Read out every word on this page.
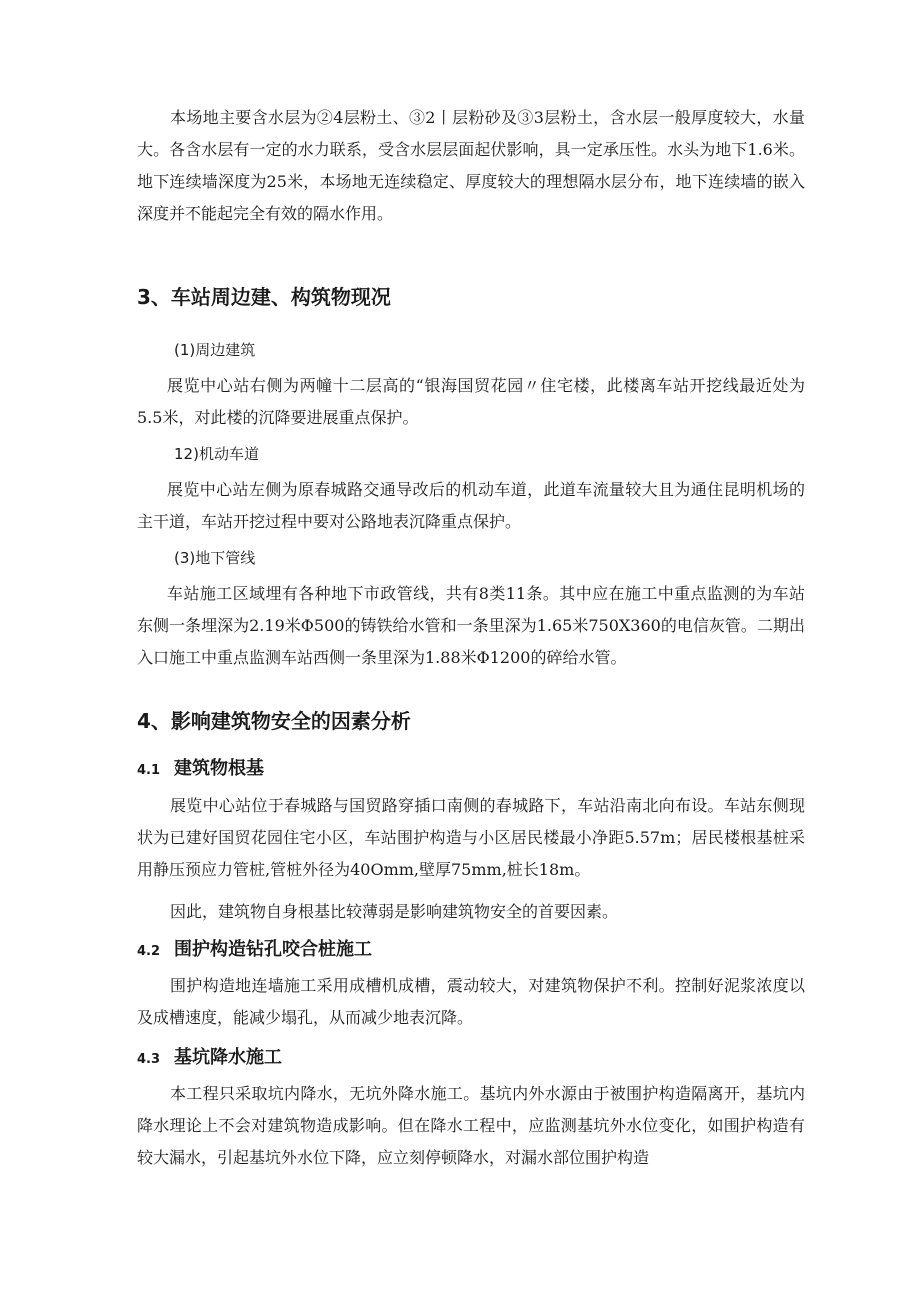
本场地主要含水层为②4层粉土、③2丨层粉砂及③3层粉土，含水层一般厚度较大，水量大。各含水层有一定的水力联系，受含水层层面起伏影响，具一定承压性。水头为地下1.6米。地下连续墙深度为25米，本场地无连续稳定、厚度较大的理想隔水层分布，地下连续墙的嵌入深度并不能起完全有效的隔水作用。

3、车站周边建、构筑物现况

(1)周边建筑

展览中心站右侧为两幢十二层高的“银海国贸花园〃住宅楼，此楼离车站开挖线最近处为5.5米，对此楼的沉降要进展重点保护。

12)机动车道

展览中心站左侧为原春城路交通导改后的机动车道，此道车流量较大且为通住昆明机场的主干道，车站开挖过程中要对公路地表沉降重点保护。

(3)地下管线

车站施工区域埋有各种地下市政管线，共有8类11条。其中应在施工中重点监测的为车站东侧一条埋深为2.19米Φ500的铸铁给水管和一条里深为1.65米750X360的电信灰管。二期出入口施工中重点监测车站西侧一条里深为1.88米Φ1200的碎给水管。

4、影响建筑物安全的因素分析
4.1 建筑物根基

展览中心站位于春城路与国贸路穿插口南侧的春城路下，车站沿南北向布设。车站东侧现状为已建好国贸花园住宅小区，车站围护构造与小区居民楼最小净距5.57m；居民楼根基桩采用静压预应力管桩,管桩外径为40Omm,壁厚75mm,桩长18m。

因此，建筑物自身根基比较薄弱是影响建筑物安全的首要因素。

4.2 围护构造钻孔咬合桩施工

围护构造地连墙施工采用成槽机成槽，震动较大，对建筑物保护不利。控制好泥浆浓度以及成槽速度，能减少塌孔，从而减少地表沉降。

4.3 基坑降水施工

本工程只采取坑内降水，无坑外降水施工。基坑内外水源由于被围护构造隔离开，基坑内降水理论上不会对建筑物造成影响。但在降水工程中，应监测基坑外水位变化，如围护构造有较大漏水，引起基坑外水位下降，应立刻停顿降水，对漏水部位围护构造
